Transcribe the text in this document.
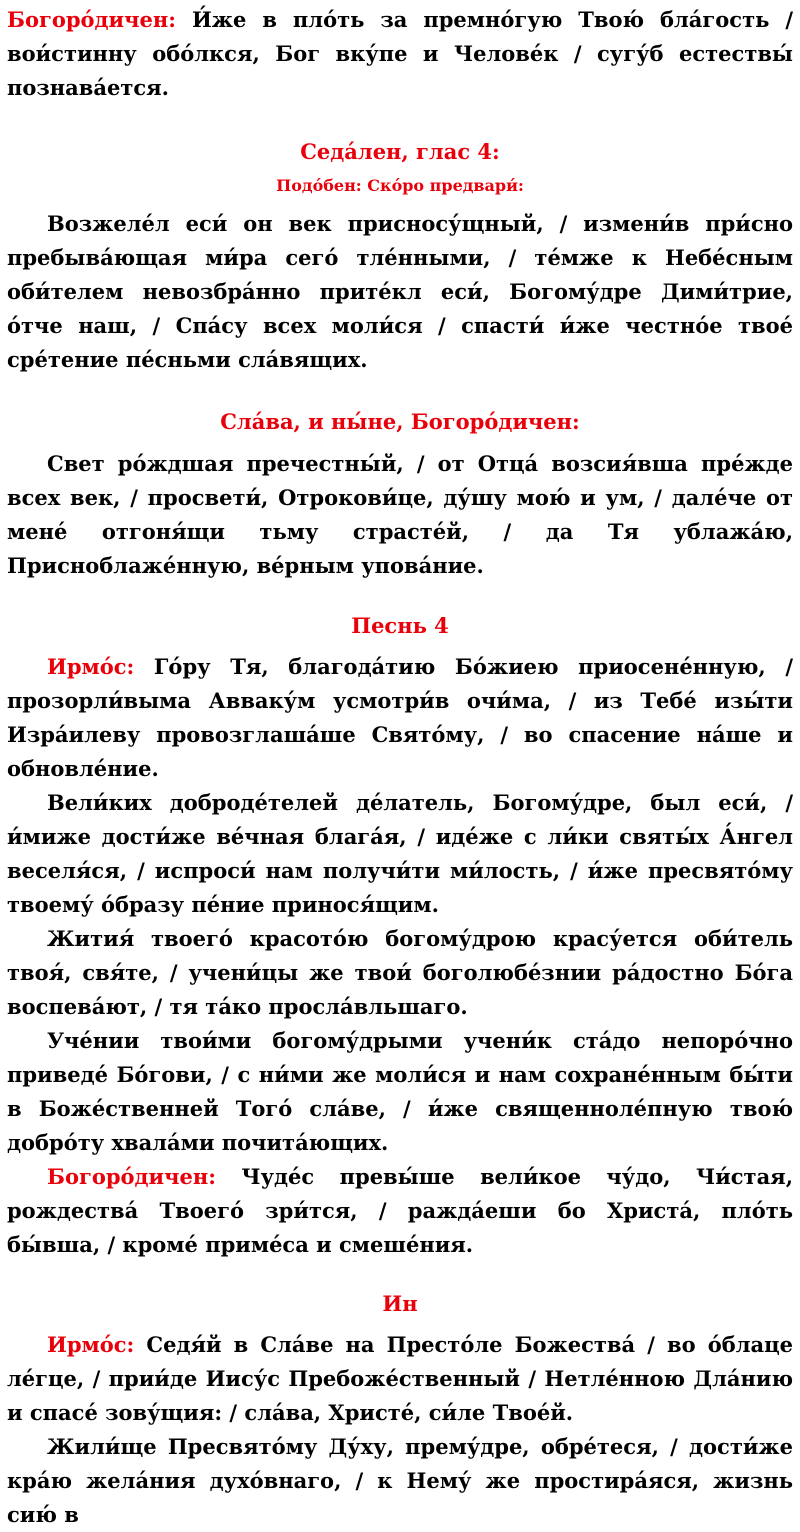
Богоро́дичен: И́же в пло́ть за премно́гую Твою́ бла́гость / вои́стинну обо́лкся, Бог вку́пе и Челове́к / сугу́б естествы́ познава́ется.

Седа́лен, глас 4:
Подо́бен: Ско́ро предвари́:

Возжеле́л еси́ он век присносу́щный, / измени́в при́сно пребыва́ющая ми́ра сего́ тле́нными, / те́мже к Небе́сным оби́телем невозбра́нно прите́кл еси́, Богому́дре Дими́трие, о́тче наш, / Спа́су всех моли́ся / спасти́ и́же честно́е твое́ сре́тение пе́сньми сла́вящих.

Сла́ва, и ны́не, Богоро́дичен:

Свет ро́ждшая пречестны́й, / от Отца́ возсия́вша пре́жде всех век, / просвети́, Отрокови́це, ду́шу мою́ и ум, / дале́че от мене́ отгоня́щи тьму страсте́й, / да Тя ублажа́ю, Присноблаже́нную, ве́рным упова́ние.

Песнь 4

Ирмо́с: Го́ру Тя, благода́тию Бо́жиею приосене́нную, / прозорли́выма Авваку́м усмотри́в очи́ма, / из Тебе́ изы́ти Изра́илеву провозглаша́ше Свято́му, / во спасение на́ше и обновле́ние.

Вели́ких доброде́телей де́латель, Богому́дре, был еси́, / и́миже дости́же ве́чная блага́я, / иде́же с ли́ки святы́х А́нгел веселя́ся, / испроси́ нам получи́ти ми́лость, / и́же пресвято́му твоему́ о́бразу пе́ние принося́щим.

Жития́ твоего́ красото́ю богому́дрою красу́ется оби́тель твоя́, свя́те, / учени́цы же твои́ боголюбе́знии ра́достно Бо́га воспева́ют, / тя та́ко просла́вльшаго.

Уче́нии твои́ми богому́дрыми учени́к ста́до непоро́чно приведе́ Бо́гови, / с ни́ми же моли́ся и нам сохране́нным бы́ти в Боже́ственней Того́ сла́ве, / и́же священноле́пную твою́ добро́ту хвала́ми почита́ющих.

Богоро́дичен: Чуде́с превы́ше вели́кое чу́до, Чи́стая, рождества́ Твоего́ зри́тся, / ражда́еши бо Христа́, пло́ть бы́вша, / кроме́ приме́са и смеше́ния.

Ин

Ирмо́с: Седя́й в Сла́ве на Престо́ле Божества́ / во о́блаце ле́гце, / прии́де Иису́с Пребоже́ственный / Нетле́нною Дла́нию и спасе́ зову́щия: / сла́ва, Христе́, си́ле Твое́й.

Жили́ще Пресвято́му Ду́ху, прему́дре, обре́теся, / дости́же кра́ю жела́ния духо́внаго, / к Нему́ же простира́яся, жизнь сию́ в
